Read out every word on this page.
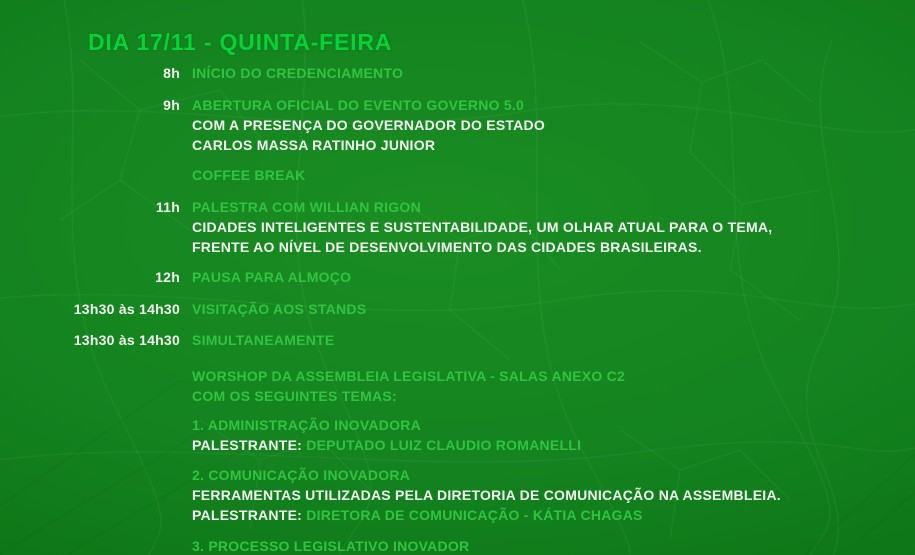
DIA 17/11 - QUINTA-FEIRA
8h INÍCIO DO CREDENCIAMENTO
9h ABERTURA OFICIAL DO EVENTO GOVERNO 5.0
COM A PRESENÇA DO GOVERNADOR DO ESTADO
CARLOS MASSA RATINHO JUNIOR
COFFEE BREAK
11h PALESTRA COM WILLIAN RIGON
CIDADES INTELIGENTES E SUSTENTABILIDADE, UM OLHAR ATUAL PARA O TEMA,
FRENTE AO NÍVEL DE DESENVOLVIMENTO DAS CIDADES BRASILEIRAS.
12h PAUSA PARA ALMOÇO
13h30 às 14h30 VISITAÇÃO AOS STANDS
13h30 às 14h30 SIMULTANEAMENTE
WORSHOP DA ASSEMBLEIA LEGISLATIVA - SALAS ANEXO C2
COM OS SEGUINTES TEMAS:
1. ADMINISTRAÇÃO INOVADORA
PALESTRANTE: DEPUTADO LUIZ CLAUDIO ROMANELLI
2. COMUNICAÇÃO INOVADORA
FERRAMENTAS UTILIZADAS PELA DIRETORIA DE COMUNICAÇÃO NA ASSEMBLEIA.
PALESTRANTE: DIRETORA DE COMUNICAÇÃO - KÁTIA CHAGAS
3. PROCESSO LEGISLATIVO INOVADOR
